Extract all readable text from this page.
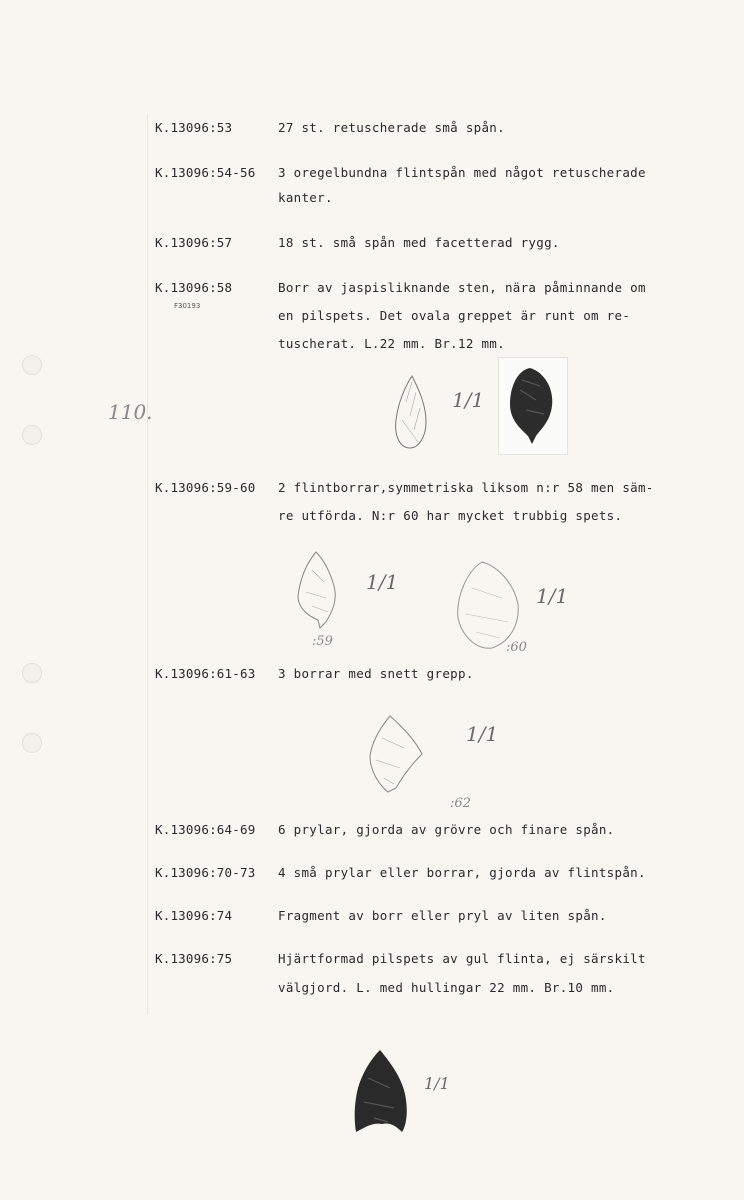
110.
K.13096:53	27 st. retuscherade små spån.
K.13096:54-56 3 oregelbundna flintspån med något retuscherade
kanter.
K.13096:57	18 st. små spån med facetterad rygg.
K.13096:58
F30193
Borr av jaspisliknande sten, nära påminnande om
en pilspets. Det ovala greppet är runt om re-
tuscherat. L.22 mm. Br.12 mm.
1/1
K.13096:59-60 2 flintborrar,symmetriska liksom n:r 58 men säm-
re utförda. N:r 60 har mycket trubbig spets.
1/1
:59
1/1
:60
K.13096:61-63 3 borrar med snett grepp.
1/1
:62
K.13096:64-69 6 prylar, gjorda av grövre och finare spån.
K.13096:70-73 4 små prylar eller borrar, gjorda av flintspån.
K.13096:74	Fragment av borr eller pryl av liten spån.
K.13096:75	Hjärtformad pilspets av gul flinta, ej särskilt
välgjord. L. med hullingar 22 mm. Br.10 mm.
1/1
